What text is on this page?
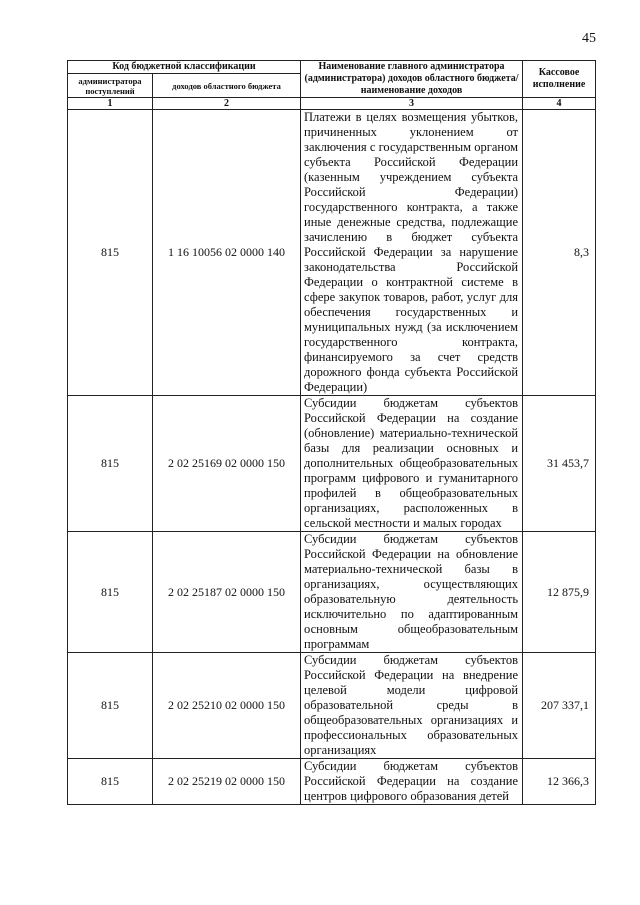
45
Код бюджетной классификации		Наименование главного администратора (администратора) доходов областного бюджета/ наименование доходов	Кассовое исполнение
администратора поступлений	доходов областного бюджета		
1	2	3	4
815	1 16 10056 02 0000 140	Платежи в целях возмещения убытков, причиненных уклонением от заключения с государственным органом субъекта Российской Федерации (казенным учреждением субъекта Российской Федерации) государственного контракта, а также иные денежные средства, подлежащие зачислению в бюджет субъекта Российской Федерации за нарушение законодательства Российской Федерации о контрактной системе в сфере закупок товаров, работ, услуг для обеспечения государственных и муниципальных нужд (за исключением государственного контракта, финансируемого за счет средств дорожного фонда субъекта Российской Федерации)	8,3
815	2 02 25169 02 0000 150	Субсидии бюджетам субъектов Российской Федерации на создание (обновление) материально-технической базы для реализации основных и дополнительных общеобразовательных программ цифрового и гуманитарного профилей в общеобразовательных организациях, расположенных в сельской местности и малых городах	31 453,7
815	2 02 25187 02 0000 150	Субсидии бюджетам субъектов Российской Федерации на обновление материально-технической базы в организациях, осуществляющих образовательную деятельность исключительно по адаптированным основным общеобразовательным программам	12 875,9
815	2 02 25210 02 0000 150	Субсидии бюджетам субъектов Российской Федерации на внедрение целевой модели цифровой образовательной среды в общеобразовательных организациях и профессиональных образовательных организациях	207 337,1
815	2 02 25219 02 0000 150	Субсидии бюджетам субъектов Российской Федерации на создание центров цифрового образования детей	12 366,3
